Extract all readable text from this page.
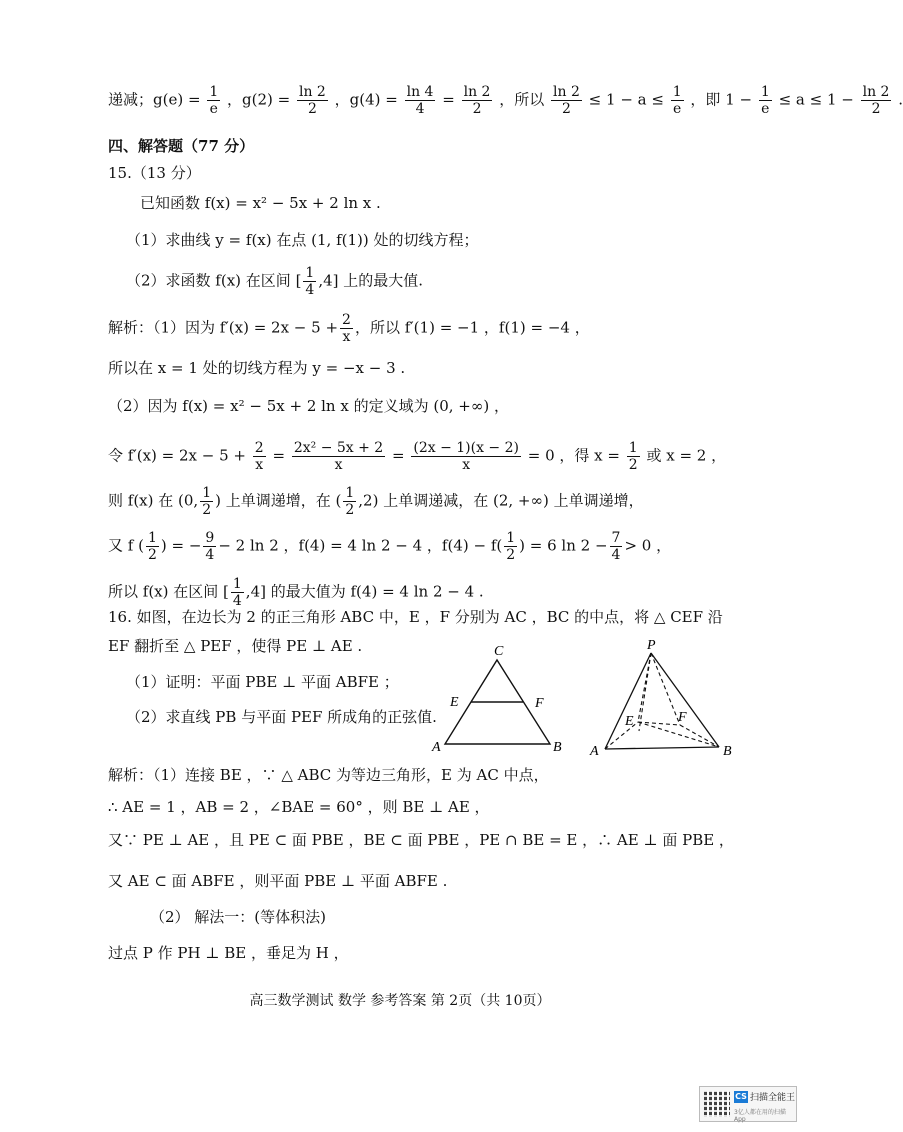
递减；$g(e) = \frac{1}{e}$ ，$g(2) = \frac{\ln 2}{2}$ ，$g(4) = \frac{\ln 4}{4} = \frac{\ln 2}{2}$ ，所以 $\frac{\ln 2}{2} \le 1 - a \le \frac{1}{e}$ ，即 $1 - \frac{1}{e} \le a \le 1 - \frac{\ln 2}{2}$ .
四、解答题（77 分）
15.（13 分）
已知函数 f(x) = x² − 5x + 2 ln x .
（1）求曲线 y = f(x) 在点 (1, f(1)) 处的切线方程；
（2）求函数 f(x) 在区间 [ $\frac{1}{4} ,4$] 上的最大值.
解析：（1）因为 $f'(x) = 2x - 5 + \frac{2}{x}$ ，所以 f′(1) = −1 ，f(1) = −4 ，
所以在 x = 1 处的切线方程为 y = −x − 3 .
（2）因为 f(x) = x² − 5x + 2 ln x 的定义域为 (0, +∞) ，
令 $f'(x) = 2x - 5 + \frac{2}{x} = \frac{\text{2x² − 5x + 2}}{x} = \frac{(2x - 1)(x - 2)}{x} = 0$ ，得 $x = \frac{1}{2}$ 或 x = 2 ，
则 f(x) 在 (0, $\frac{1}{2}$ ) 上单调递增，在 ( $\frac{1}{2} ,2$) 上单调递减，在 (2, +∞) 上单调递增，
又 f ( $\frac{1}{2}$ ) = − $\frac{9}{4} - 2$ ln 2 ，f(4) = 4 ln 2 − 4 ，$f(4) - f( \frac{1}{2}$ ) = 6 $\ln 2 - \frac{7}{4} > 0$ ，
所以 f(x) 在区间 [ $\frac{1}{4} ,4$] 的最大值为 f(4) = 4 ln 2 − 4 .
16. 如图，在边长为 2 的正三角形 ABC 中，E ，F 分别为 AC ，BC 的中点，将 △ CEF 沿
EF 翻折至 △ PEF ，使得 PE ⊥ AE .
（1）证明：平面 PBE ⊥ 平面 ABFE ；
（2）求直线 PB 与平面 PEF 所成角的正弦值.
C
E	F
A	B
P
E	F
A	B
解析：（1）连接 BE ，∵ △ ABC 为等边三角形，E 为 AC 中点，
∴ AE = 1 ，AB = 2 ，∠BAE = 60° ，则 BE ⊥ AE ，
又∵ PE ⊥ AE ，且 PE ⊂ 面 PBE ，BE ⊂ 面 PBE ，PE ∩ BE = E ，∴ AE ⊥ 面 PBE ，
又 AE ⊂ 面 ABFE ，则平面 PBE ⊥ 平面 ABFE .
（2） 解法一：(等体积法)
过点 P 作 PH ⊥ BE ，垂足为 H ，
高三数学测试 数学 参考答案 第 2页（共 10页）
CS 扫描全能王
3亿人都在用的扫描App
